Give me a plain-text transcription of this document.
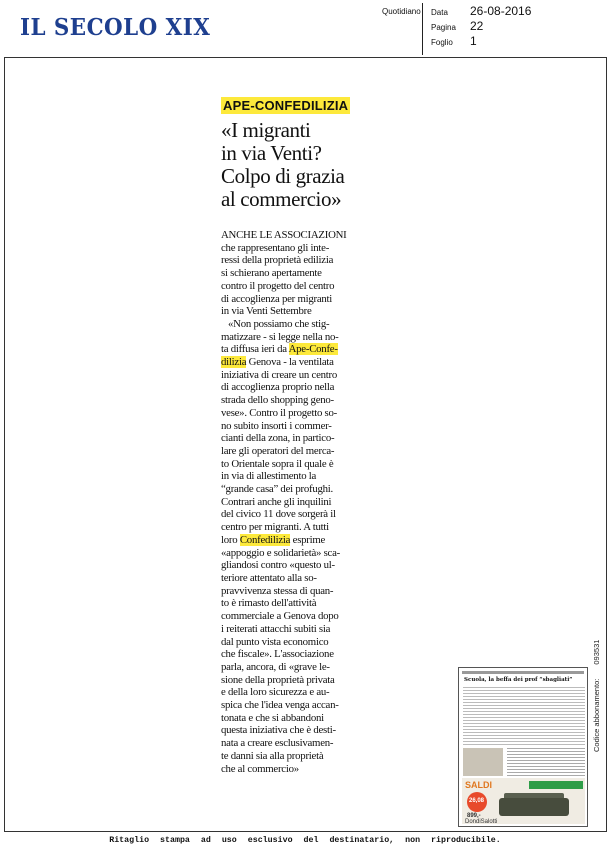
IL SECOLO XIX
Quotidiano Data 26-08-2016
Pagina 22
Foglio 1
APE-CONFEDILIZIA
«I migranti
in via Venti?
Colpo di grazia
al commercio»
ANCHE LE ASSOCIAZIONI
che rappresentano gli inte-
ressi della proprietà edilizia
si schierano apertamente
contro il progetto del centro
di accoglienza per migranti
in via Venti Settembre
«Non possiamo che stig-
matizzare - si legge nella no-
ta diffusa ieri da Ape-Confe-
dilizia Genova - la ventilata
iniziativa di creare un centro
di accoglienza proprio nella
strada dello shopping geno-
vese». Contro il progetto so-
no subito insorti i commer-
cianti della zona, in partico-
lare gli operatori del merca-
to Orientale sopra il quale è
in via di allestimento la
“grande casa” dei profughi.
Contrari anche gli inquilini
del civico 11 dove sorgerà il
centro per migranti. A tutti
loro Confedilizia esprime
«appoggio e solidarietà» sca-
gliandosi contro «questo ul-
teriore attentato alla so-
pravvivenza stessa di quan-
to è rimasto dell'attività
commerciale a Genova dopo
i reiterati attacchi subiti sia
dal punto vista economico
che fiscale». L'associazione
parla, ancora, di «grave le-
sione della proprietà privata
e della loro sicurezza e au-
spica che l'idea venga accan-
tonata e che si abbandoni
questa iniziativa che è desti-
nata a creare esclusivamen-
te danni sia alla proprietà
che al commercio»
Scuola, la beffa dei prof “sbagliati”
SALDI
26,08
899,-
DondiSalotti
Codice abbonamento:093531
Ritaglio stampa ad uso esclusivo del destinatario, non riproducibile.
